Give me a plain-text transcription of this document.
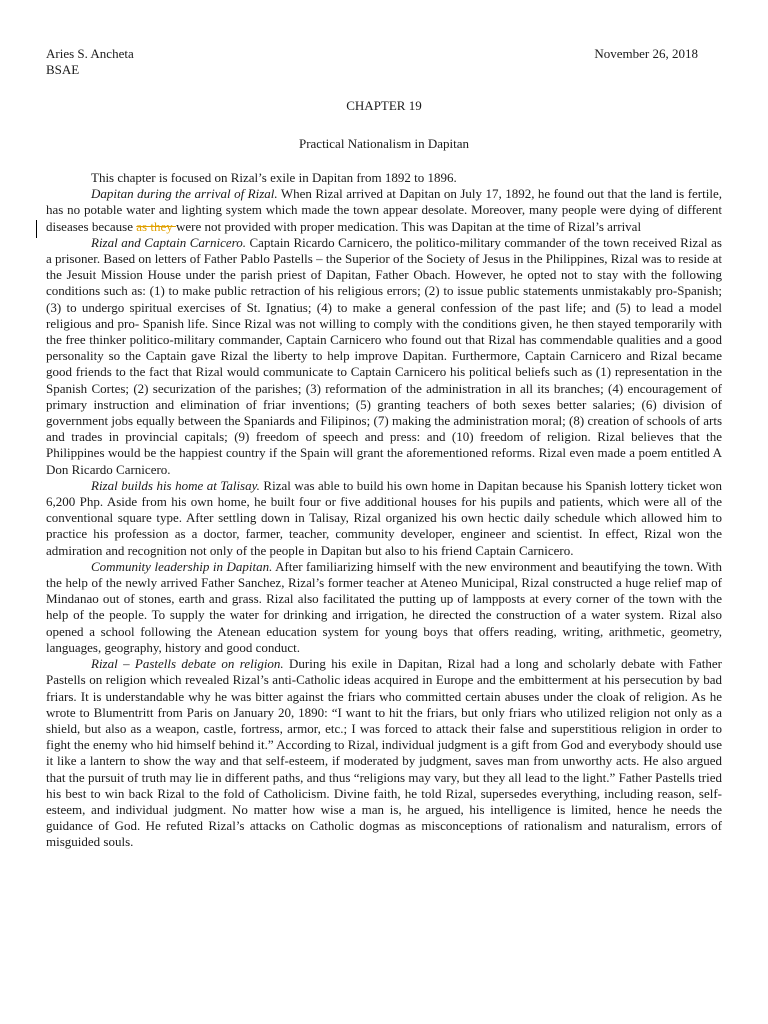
Aries S. Ancheta
BSAE
November 26, 2018
CHAPTER 19
Practical Nationalism in Dapitan

This chapter is focused on Rizal’s exile in Dapitan from 1892 to 1896.

Dapitan during the arrival of Rizal. When Rizal arrived at Dapitan on July 17, 1892, he found out that the land is fertile, has no potable water and lighting system which made the town appear desolate. Moreover, many people were dying of different diseases because as they were not provided with proper medication. This was Dapitan at the time of Rizal’s arrival

Rizal and Captain Carnicero. Captain Ricardo Carnicero, the politico-military commander of the town received Rizal as a prisoner. Based on letters of Father Pablo Pastells – the Superior of the Society of Jesus in the Philippines, Rizal was to reside at the Jesuit Mission House under the parish priest of Dapitan, Father Obach. However, he opted not to stay with the following conditions such as: (1) to make public retraction of his religious errors; (2) to issue public statements unmistakably pro-Spanish; (3) to undergo spiritual exercises of St. Ignatius; (4) to make a general confession of the past life; and (5) to lead a model religious and pro- Spanish life. Since Rizal was not willing to comply with the conditions given, he then stayed temporarily with the free thinker politico-military commander, Captain Carnicero who found out that Rizal has commendable qualities and a good personality so the Captain gave Rizal the liberty to help improve Dapitan. Furthermore, Captain Carnicero and Rizal became good friends to the fact that Rizal would communicate to Captain Carnicero his political beliefs such as (1) representation in the Spanish Cortes; (2) securization of the parishes; (3) reformation of the administration in all its branches; (4) encouragement of primary instruction and elimination of friar inventions; (5) granting teachers of both sexes better salaries; (6) division of government jobs equally between the Spaniards and Filipinos; (7) making the administration moral; (8) creation of schools of arts and trades in provincial capitals; (9) freedom of speech and press: and (10) freedom of religion. Rizal believes that the Philippines would be the happiest country if the Spain will grant the aforementioned reforms. Rizal even made a poem entitled A Don Ricardo Carnicero.

Rizal builds his home at Talisay. Rizal was able to build his own home in Dapitan because his Spanish lottery ticket won 6,200 Php. Aside from his own home, he built four or five additional houses for his pupils and patients, which were all of the conventional square type. After settling down in Talisay, Rizal organized his own hectic daily schedule which allowed him to practice his profession as a doctor, farmer, teacher, community developer, engineer and scientist. In effect, Rizal won the admiration and recognition not only of the people in Dapitan but also to his friend Captain Carnicero.

Community leadership in Dapitan. After familiarizing himself with the new environment and beautifying the town. With the help of the newly arrived Father Sanchez, Rizal’s former teacher at Ateneo Municipal, Rizal constructed a huge relief map of Mindanao out of stones, earth and grass. Rizal also facilitated the putting up of lampposts at every corner of the town with the help of the people. To supply the water for drinking and irrigation, he directed the construction of a water system. Rizal also opened a school following the Atenean education system for young boys that offers reading, writing, arithmetic, geometry, languages, geography, history and good conduct.

Rizal – Pastells debate on religion. During his exile in Dapitan, Rizal had a long and scholarly debate with Father Pastells on religion which revealed Rizal’s anti-Catholic ideas acquired in Europe and the embitterment at his persecution by bad friars. It is understandable why he was bitter against the friars who committed certain abuses under the cloak of religion. As he wrote to Blumentritt from Paris on January 20, 1890: “I want to hit the friars, but only friars who utilized religion not only as a shield, but also as a weapon, castle, fortress, armor, etc.; I was forced to attack their false and superstitious religion in order to fight the enemy who hid himself behind it.” According to Rizal, individual judgment is a gift from God and everybody should use it like a lantern to show the way and that self-esteem, if moderated by judgment, saves man from unworthy acts. He also argued that the pursuit of truth may lie in different paths, and thus “religions may vary, but they all lead to the light.” Father Pastells tried his best to win back Rizal to the fold of Catholicism. Divine faith, he told Rizal, supersedes everything, including reason, self-esteem, and individual judgment. No matter how wise a man is, he argued, his intelligence is limited, hence he needs the guidance of God. He refuted Rizal’s attacks on Catholic dogmas as misconceptions of rationalism and naturalism, errors of misguided souls.
